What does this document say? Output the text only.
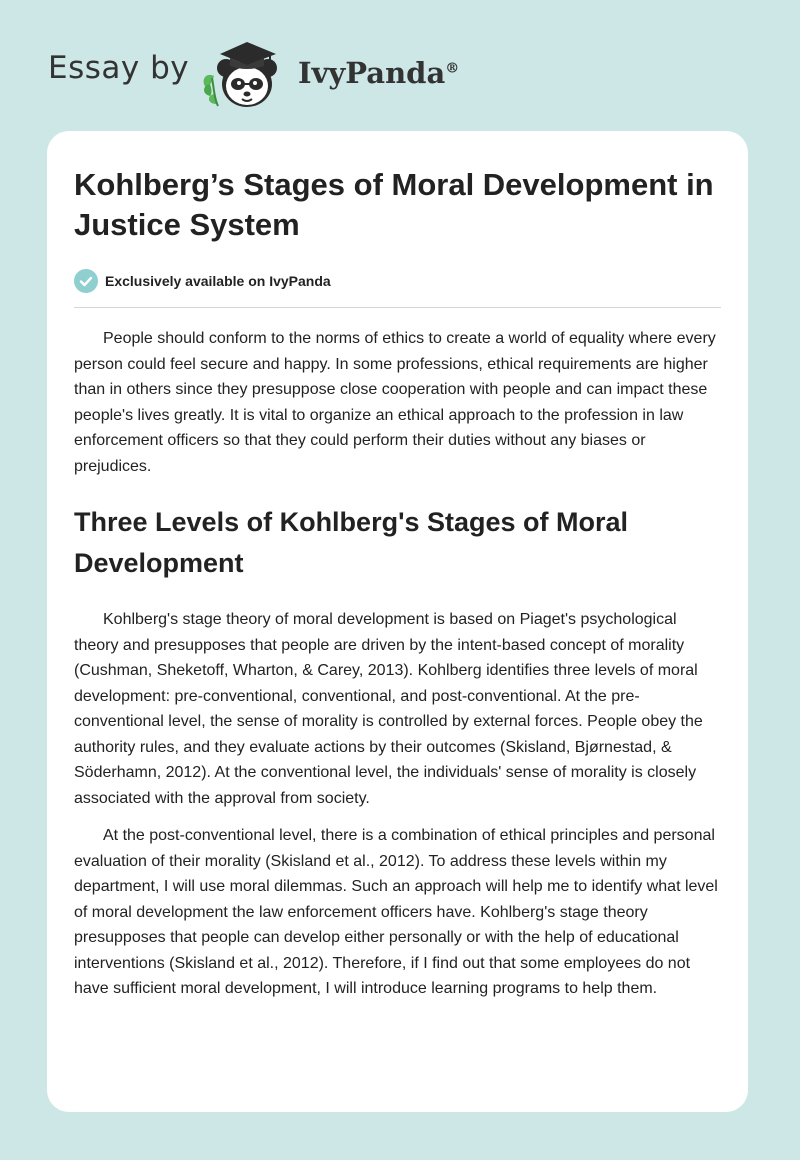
Essay by	IvyPanda®
Kohlberg’s Stages of Moral Development in Justice System
Exclusively available on IvyPanda

People should conform to the norms of ethics to create a world of equality where every person could feel secure and happy. In some professions, ethical requirements are higher than in others since they presuppose close cooperation with people and can impact these people's lives greatly. It is vital to organize an ethical approach to the profession in law enforcement officers so that they could perform their duties without any biases or prejudices.

Three Levels of Kohlberg's Stages of Moral Development

Kohlberg's stage theory of moral development is based on Piaget's psychological theory and presupposes that people are driven by the intent-based concept of morality (Cushman, Sheketoff, Wharton, & Carey, 2013). Kohlberg identifies three levels of moral development: pre-conventional, conventional, and post-conventional. At the pre-conventional level, the sense of morality is controlled by external forces. People obey the authority rules, and they evaluate actions by their outcomes (Skisland, Bjørnestad, & Söderhamn, 2012). At the conventional level, the individuals' sense of morality is closely associated with the approval from society.

At the post-conventional level, there is a combination of ethical principles and personal evaluation of their morality (Skisland et al., 2012). To address these levels within my department, I will use moral dilemmas. Such an approach will help me to identify what level of moral development the law enforcement officers have. Kohlberg's stage theory presupposes that people can develop either personally or with the help of educational interventions (Skisland et al., 2012). Therefore, if I find out that some employees do not have sufficient moral development, I will introduce learning programs to help them.
